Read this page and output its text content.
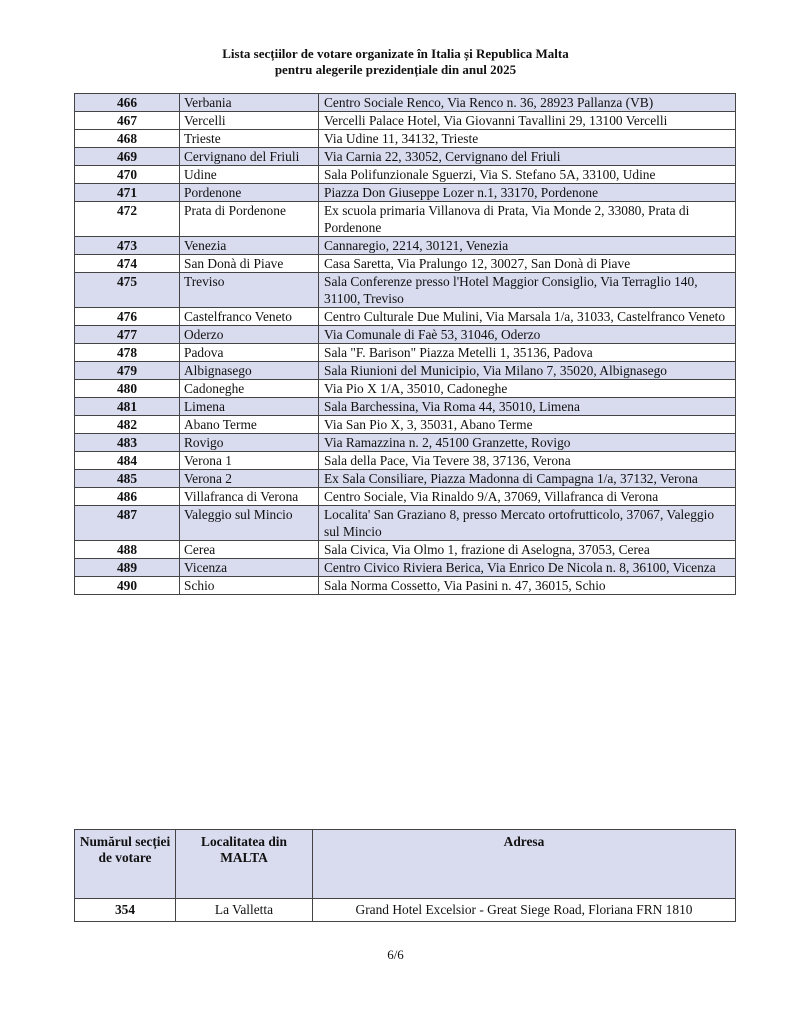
Lista secțiilor de votare organizate în Italia și Republica Malta
pentru alegerile prezidențiale din anul 2025
466	Verbania	Centro Sociale Renco, Via Renco n. 36, 28923 Pallanza (VB)
467	Vercelli	Vercelli Palace Hotel, Via Giovanni Tavallini 29, 13100 Vercelli
468	Trieste	Via Udine 11, 34132, Trieste
469	Cervignano del Friuli	Via Carnia 22, 33052, Cervignano del Friuli
470	Udine	Sala Polifunzionale Sguerzi, Via S. Stefano 5A, 33100, Udine
471	Pordenone	Piazza Don Giuseppe Lozer n.1, 33170, Pordenone
472	Prata di Pordenone	Ex scuola primaria Villanova di Prata, Via Monde 2, 33080, Prata di Pordenone
473	Venezia	Cannaregio, 2214, 30121, Venezia
474	San Donà di Piave	Casa Saretta, Via Pralungo 12, 30027, San Donà di Piave
475	Treviso	Sala Conferenze presso l'Hotel Maggior Consiglio, Via Terraglio 140, 31100, Treviso
476	Castelfranco Veneto	Centro Culturale Due Mulini, Via Marsala 1/a, 31033, Castelfranco Veneto
477	Oderzo	Via Comunale di Faè 53, 31046, Oderzo
478	Padova	Sala "F. Barison" Piazza Metelli 1, 35136, Padova
479	Albignasego	Sala Riunioni del Municipio, Via Milano 7, 35020, Albignasego
480	Cadoneghe	Via Pio X 1/A, 35010, Cadoneghe
481	Limena	Sala Barchessina, Via Roma 44, 35010, Limena
482	Abano Terme	Via San Pio X, 3, 35031, Abano Terme
483	Rovigo	Via Ramazzina n. 2, 45100 Granzette, Rovigo
484	Verona 1	Sala della Pace, Via Tevere 38, 37136, Verona
485	Verona 2	Ex Sala Consiliare, Piazza Madonna di Campagna 1/a, 37132, Verona
486	Villafranca di Verona	Centro Sociale, Via Rinaldo 9/A, 37069, Villafranca di Verona
487	Valeggio sul Mincio	Localita' San Graziano 8, presso Mercato ortofrutticolo, 37067, Valeggio sul Mincio
488	Cerea	Sala Civica, Via Olmo 1, frazione di Aselogna, 37053, Cerea
489	Vicenza	Centro Civico Riviera Berica, Via Enrico De Nicola n. 8, 36100, Vicenza
490	Schio	Sala Norma Cossetto, Via Pasini n. 47, 36015, Schio
Numărul secției de votare	Localitatea din MALTA	Adresa
354	La Valletta	Grand Hotel Excelsior - Great Siege Road, Floriana FRN 1810
6/6
